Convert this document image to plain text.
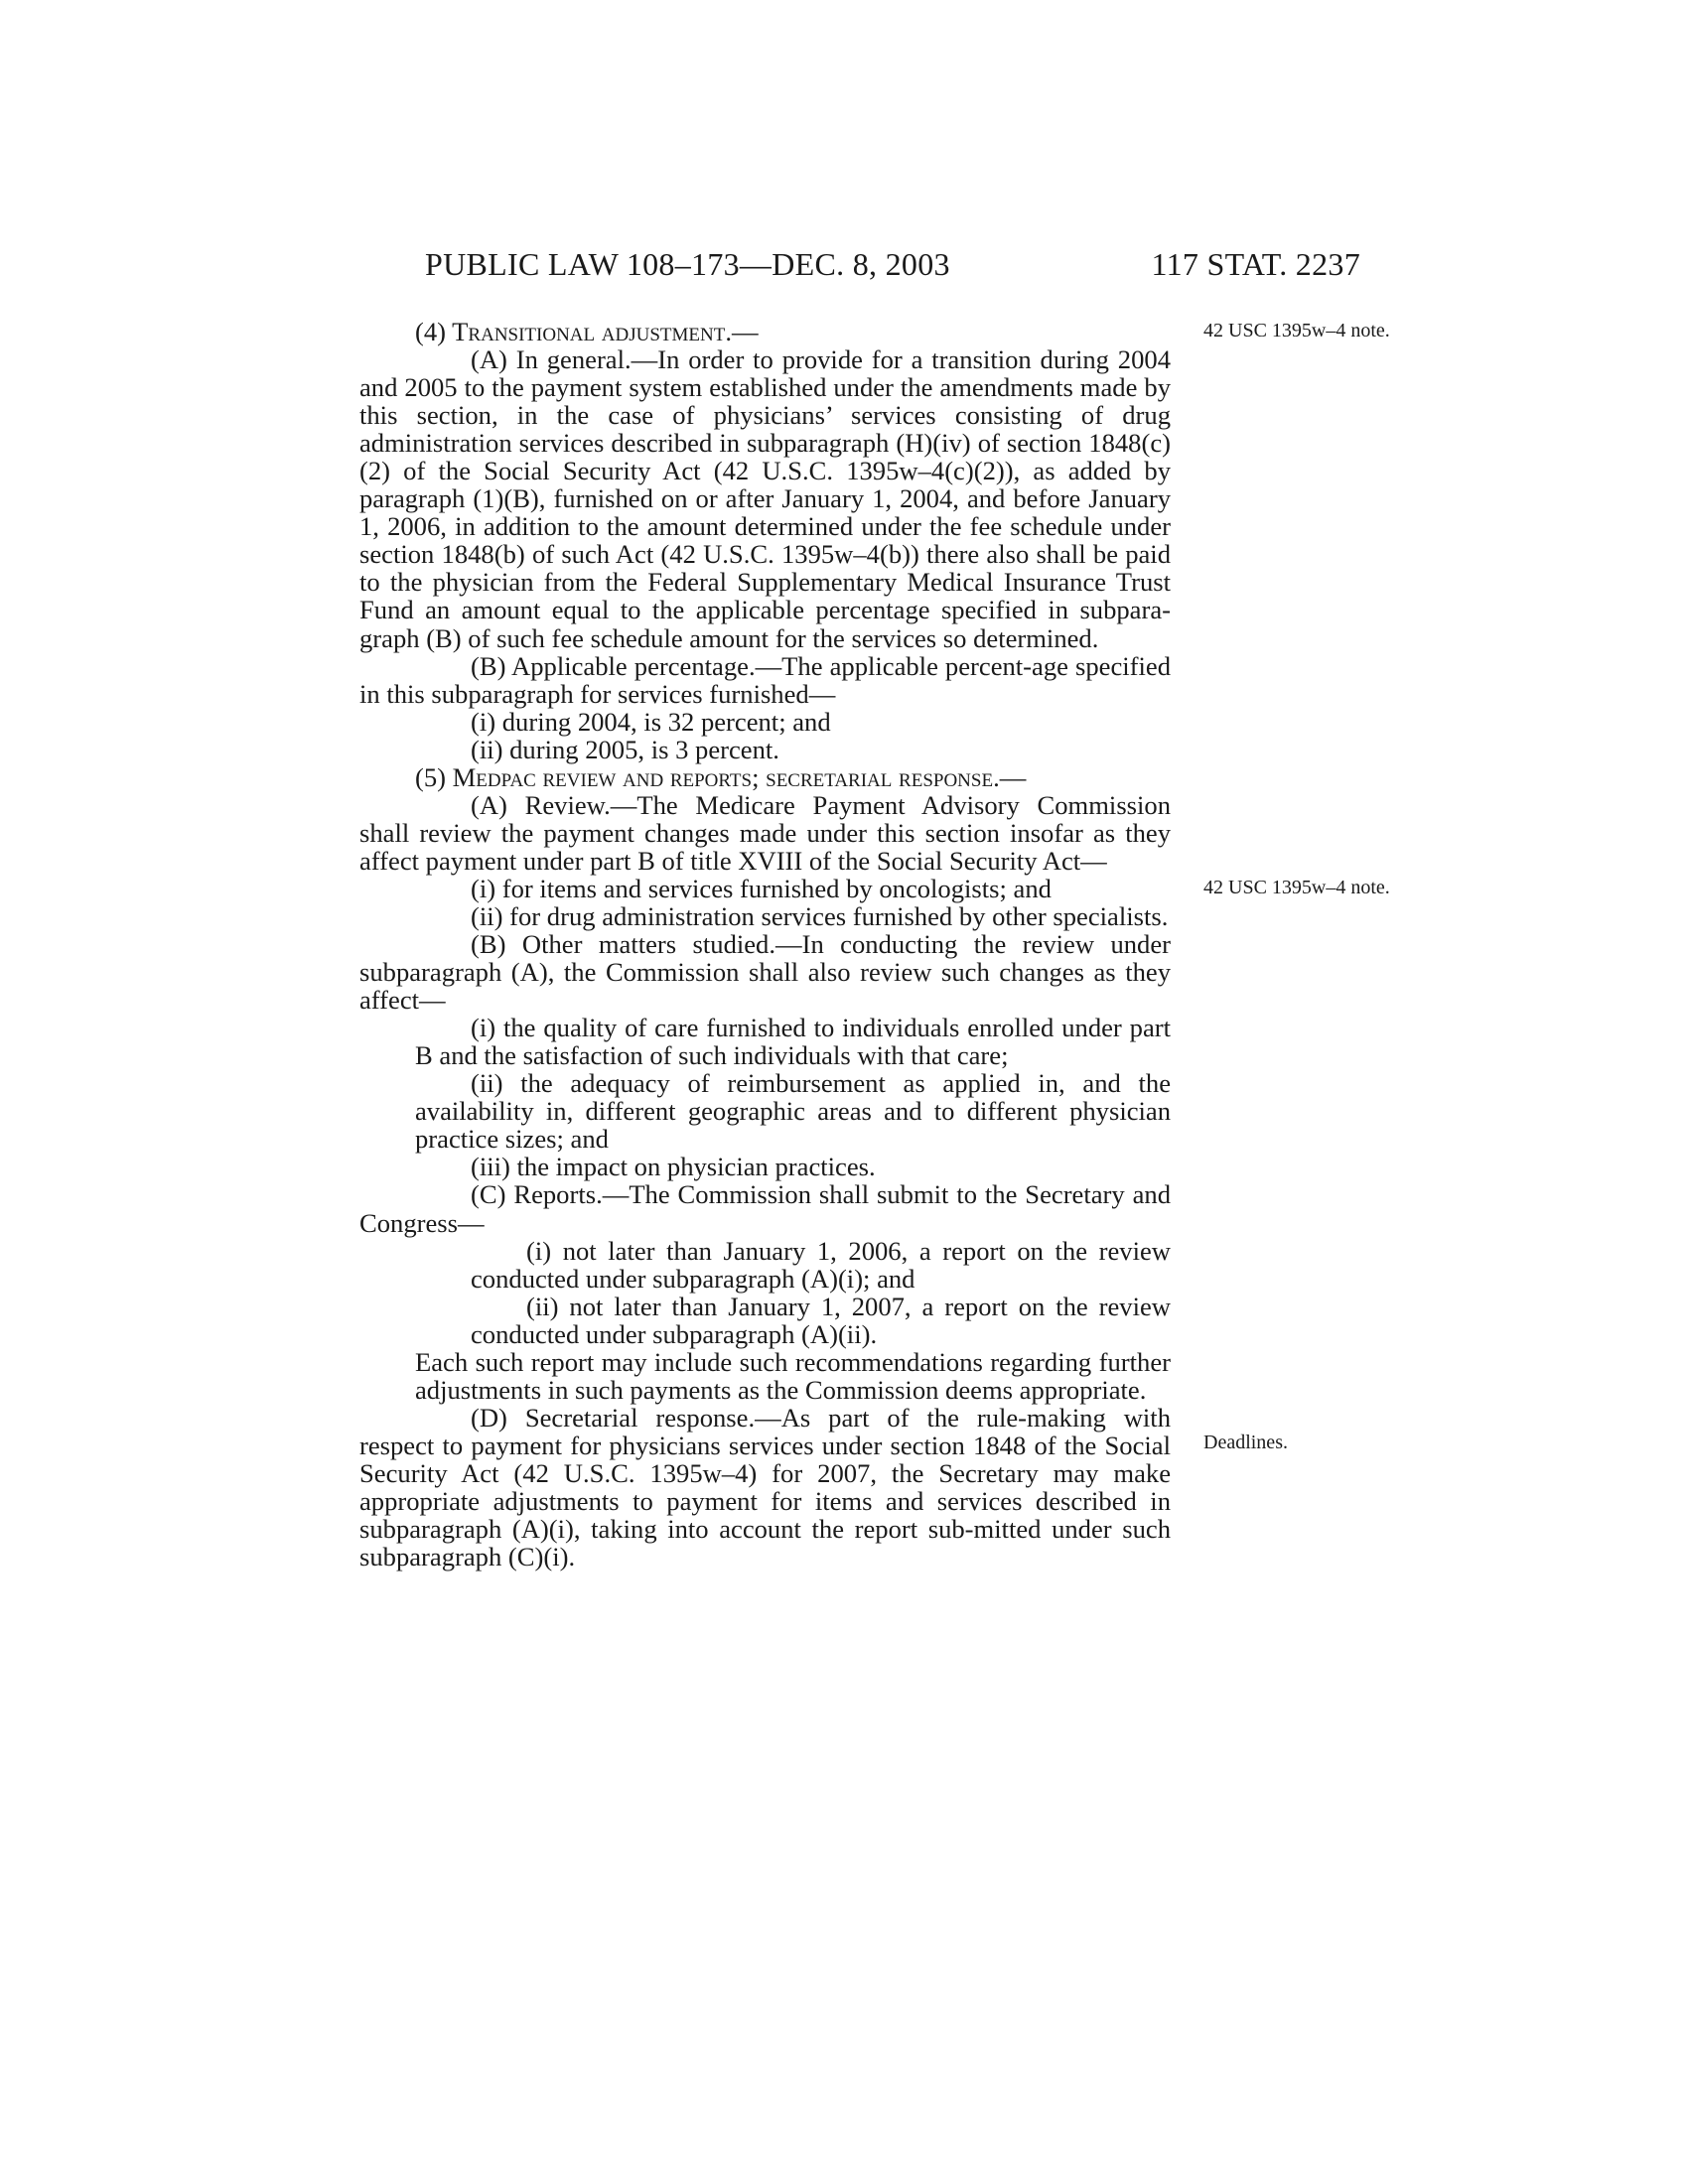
PUBLIC LAW 108–173—DEC. 8, 2003	117 STAT. 2237
42 USC 1395w–4 note.
42 USC 1395w–4 note.
Deadlines.

(4) Transitional adjustment.—

(A) In general.—In order to provide for a transition during 2004 and 2005 to the payment system established under the amendments made by this section, in the case of physicians’ services consisting of drug administration services described in subparagraph (H)(iv) of section 1848(c)(2) of the Social Security Act (42 U.S.C. 1395w–4(c)(2)), as added by paragraph (1)(B), furnished on or after January 1, 2004, and before January 1, 2006, in addition to the amount determined under the fee schedule under section 1848(b) of such Act (42 U.S.C. 1395w–4(b)) there also shall be paid to the physician from the Federal Supplementary Medical Insurance Trust Fund an amount equal to the applicable percentage specified in subpara-graph (B) of such fee schedule amount for the services so determined.

(B) Applicable percentage.—The applicable percent-age specified in this subparagraph for services furnished—

(i) during 2004, is 32 percent; and

(ii) during 2005, is 3 percent.

(5) Medpac review and reports; secretarial response.—

(A) Review.—The Medicare Payment Advisory Commission shall review the payment changes made under this section insofar as they affect payment under part B of title XVIII of the Social Security Act—

(i) for items and services furnished by oncologists; and

(ii) for drug administration services furnished by other specialists.

(B) Other matters studied.—In conducting the review under subparagraph (A), the Commission shall also review such changes as they affect—

(i) the quality of care furnished to individuals enrolled under part B and the satisfaction of such individuals with that care;

(ii) the adequacy of reimbursement as applied in, and the availability in, different geographic areas and to different physician practice sizes; and

(iii) the impact on physician practices.

(C) Reports.—The Commission shall submit to the Secretary and Congress—

(i) not later than January 1, 2006, a report on the review conducted under subparagraph (A)(i); and

(ii) not later than January 1, 2007, a report on the review conducted under subparagraph (A)(ii).

Each such report may include such recommendations regarding further adjustments in such payments as the Commission deems appropriate.

(D) Secretarial response.—As part of the rule-making with respect to payment for physicians services under section 1848 of the Social Security Act (42 U.S.C. 1395w–4) for 2007, the Secretary may make appropriate adjustments to payment for items and services described in subparagraph (A)(i), taking into account the report sub-mitted under such subparagraph (C)(i).
